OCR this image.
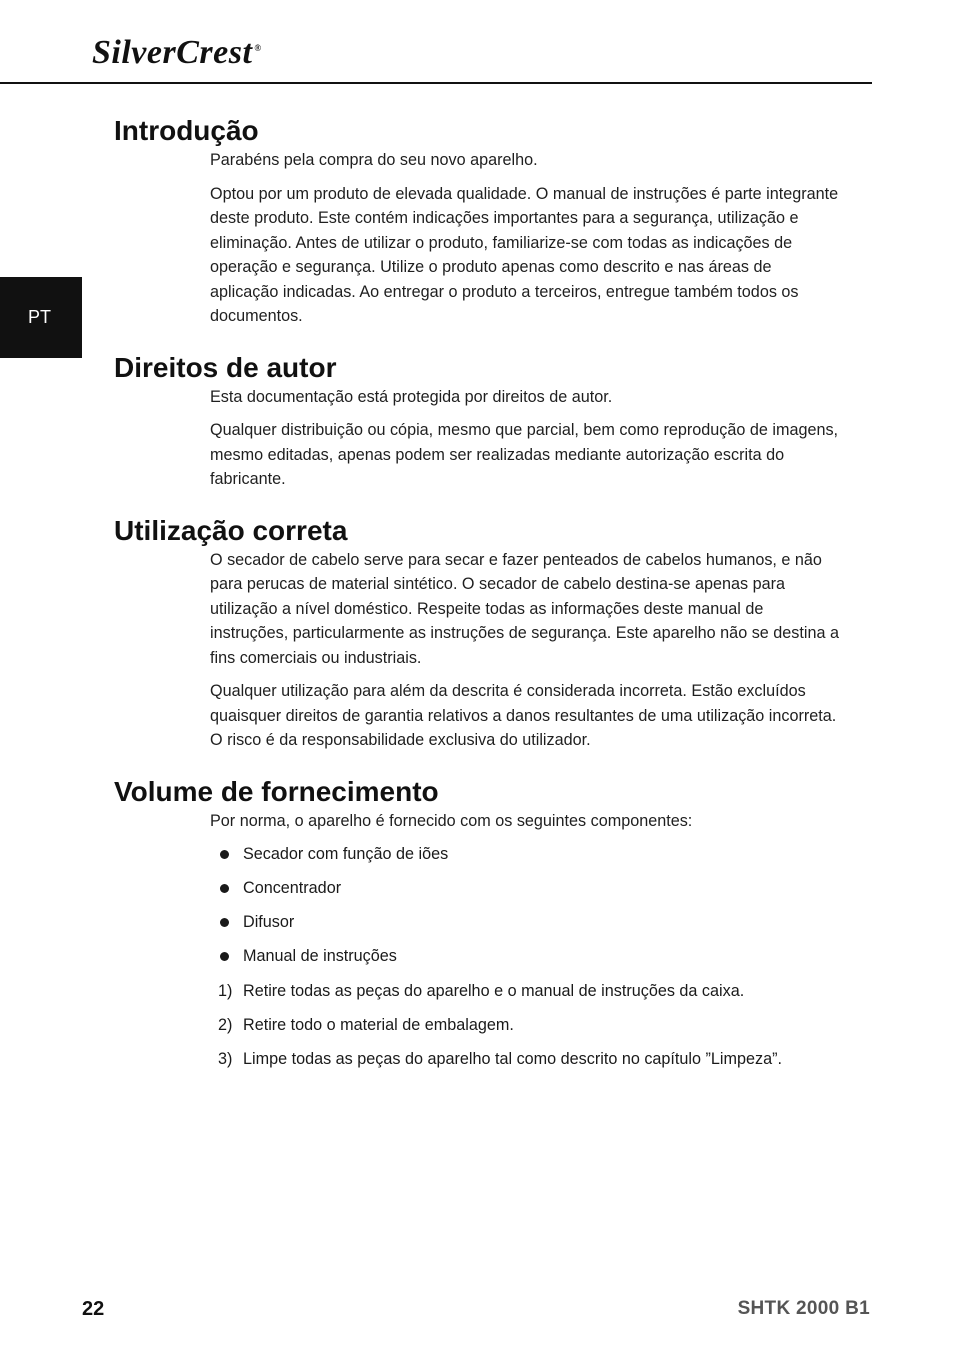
SilverCrest ®
PT
Introdução

Parabéns pela compra do seu novo aparelho.

Optou por um produto de elevada qualidade. O manual de instruções é parte integrante deste produto. Este contém indicações importantes para a segurança, utilização e eliminação. Antes de utilizar o produto, familiarize-se com todas as indicações de operação e segurança. Utilize o produto apenas como descrito e nas áreas de aplicação indicadas. Ao entregar o produto a terceiros, entregue também todos os documentos.

Direitos de autor

Esta documentação está protegida por direitos de autor.

Qualquer distribuição ou cópia, mesmo que parcial, bem como reprodução de imagens, mesmo editadas, apenas podem ser realizadas mediante autorização escrita do fabricante.

Utilização correta

O secador de cabelo serve para secar e fazer penteados de cabelos humanos, e não para perucas de material sintético. O secador de cabelo destina-se apenas para utilização a nível doméstico. Respeite todas as informações deste manual de instruções, particularmente as instruções de segurança. Este aparelho não se destina a fins comerciais ou industriais.

Qualquer utilização para além da descrita é considerada incorreta. Estão excluídos quaisquer direitos de garantia relativos a danos resultantes de uma utilização incorreta. O risco é da responsabilidade exclusiva do utilizador.

Volume de fornecimento

Por norma, o aparelho é fornecido com os seguintes componentes:

Secador com função de iões
Concentrador
Difusor
Manual de instruções
1) Retire todas as peças do aparelho e o manual de instruções da caixa.
2) Retire todo o material de embalagem.
3) Limpe todas as peças do aparelho tal como descrito no capítulo ”Limpeza”.
22	SHTK 2000 B1
